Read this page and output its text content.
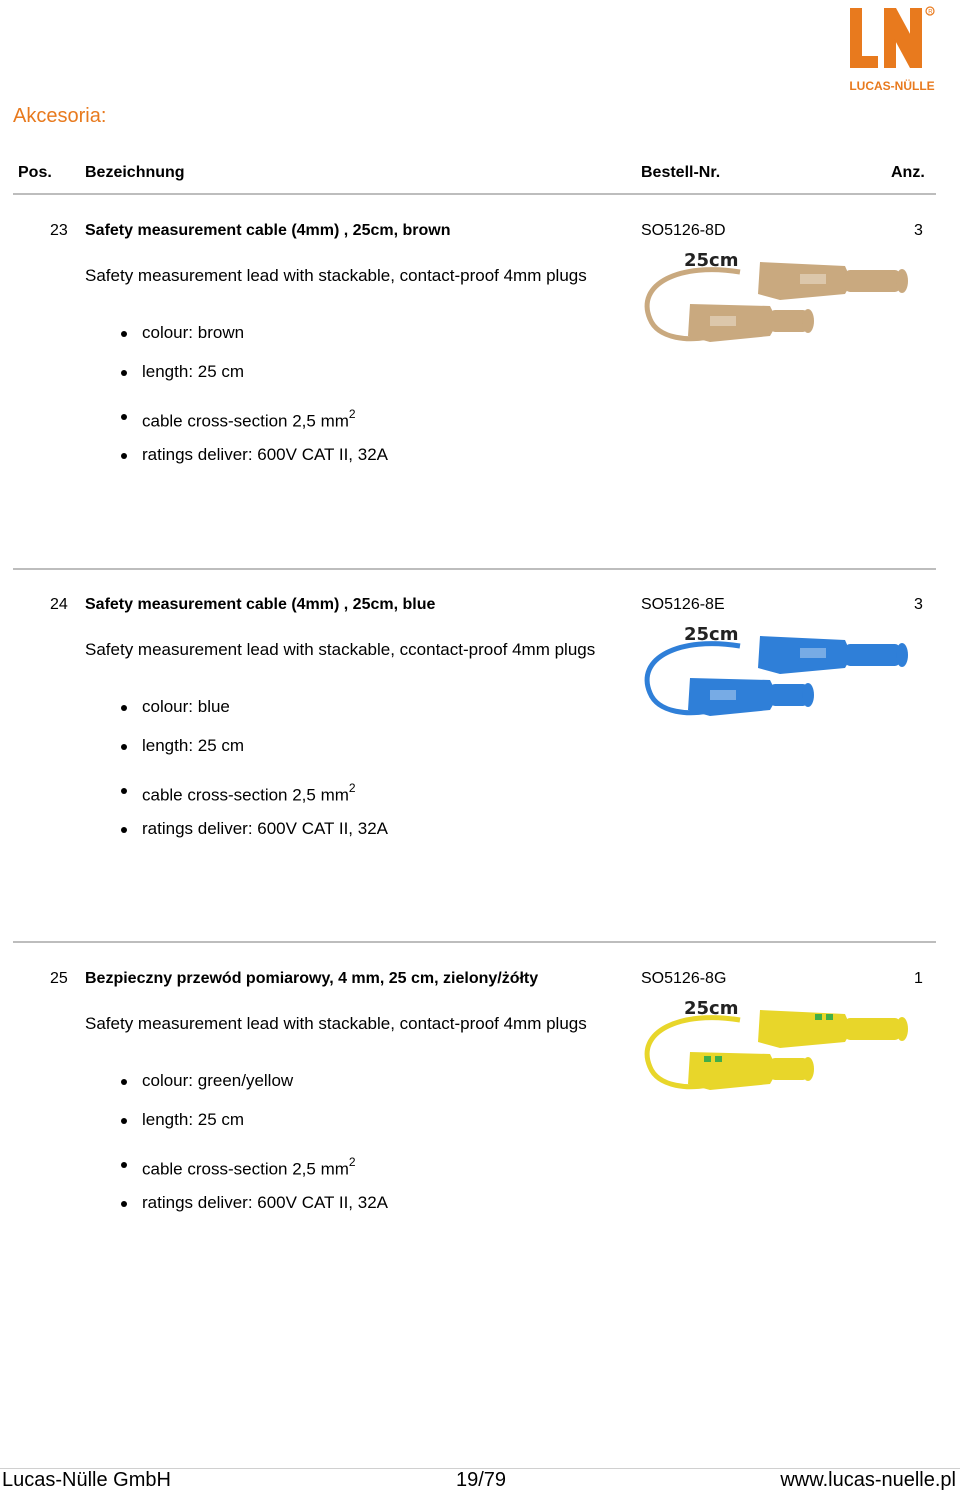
R
LUCAS-NÜLLE
Akcesoria:
Pos. Bezeichnung	Bestell-Nr.	Anz.
23 Safety measurement cable (4mm) , 25cm, brown	SO5126-8D	3
Safety measurement lead with stackable, contact-proof 4mm plugs
colour: brown
length: 25 cm
cable cross-section 2,5 $mm^2$
ratings deliver: 600V CAT II, 32A
25cm
24 Safety measurement cable (4mm) , 25cm, blue	SO5126-8E	3
Safety measurement lead with stackable, ccontact-proof 4mm plugs
colour: blue
length: 25 cm
cable cross-section 2,5 $mm^2$
ratings deliver: 600V CAT II, 32A
25cm
25 Bezpieczny przewód pomiarowy, 4 mm, 25 cm, zielony/żółty	SO5126-8G	1
Safety measurement lead with stackable, contact-proof 4mm plugs
colour: green/yellow
length: 25 cm
cable cross-section 2,5 $mm^2$
ratings deliver: 600V CAT II, 32A
25cm
Lucas-Nülle GmbH	19/79	www.lucas-nuelle.pl
